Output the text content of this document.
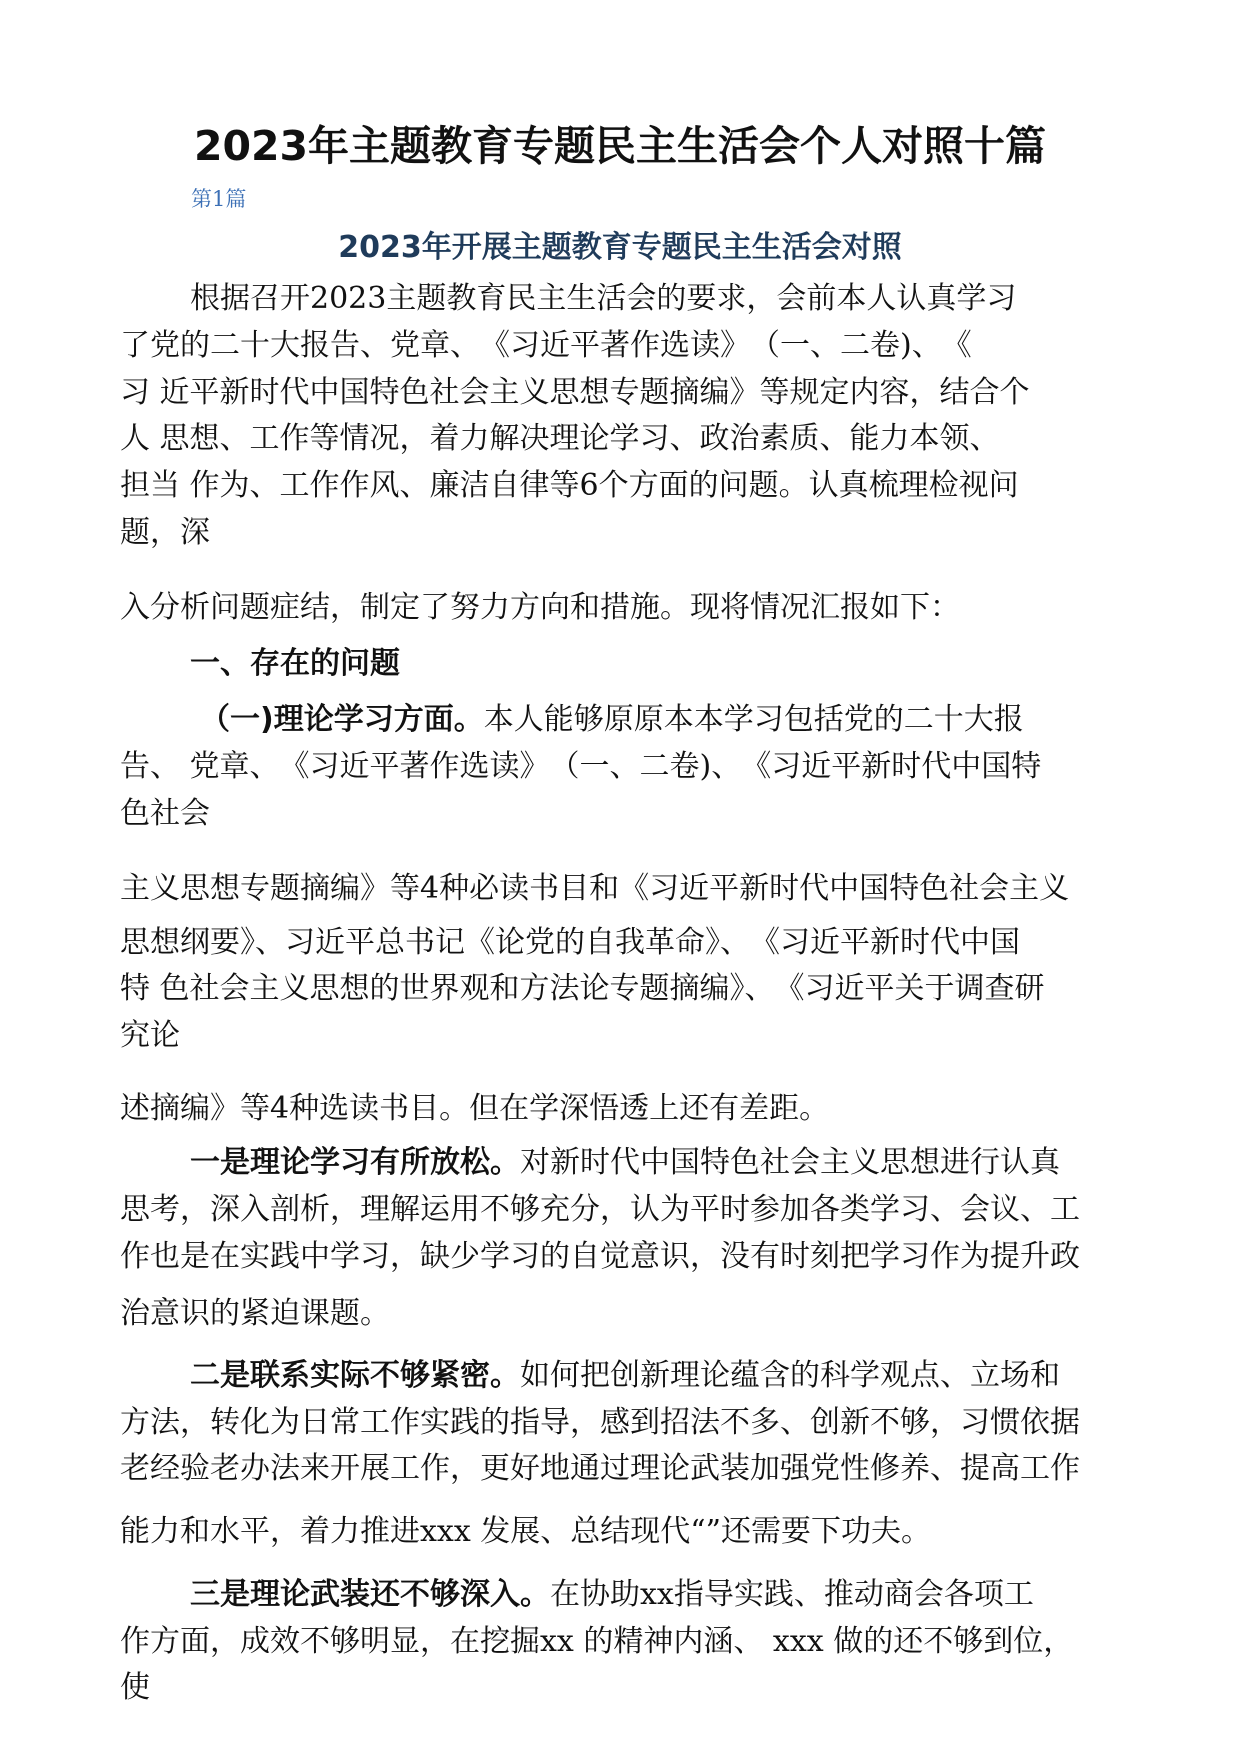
2023年主题教育专题民主生活会个人对照十篇
第1篇
2023年开展主题教育专题民主生活会对照
根据召开2023主题教育民主生活会的要求，会前本人认真学习
了党的二十大报告、党章、　《习近平著作选读》　（一、二卷)、　《
习 近平新时代中国特色社会主义思想专题摘编》等规定内容，结合个
人 思想、工作等情况，着力解决理论学习、政治素质、能力本领、
担当 作为、工作作风、廉洁自律等6个方面的问题。认真梳理检视问
题，深
入分析问题症结，制定了努力方向和措施。现将情况汇报如下：
一、存在的问题
（一)理论学习方面。本人能够原原本本学习包括党的二十大报
告、 党章、　《习近平著作选读》　（一、二卷)、　《习近平新时代中国特
色社会
主义思想专题摘编》等4种必读书目和《习近平新时代中国特色社会主义
思想纲要》、习近平总书记《论党的自我革命》、　《习近平新时代中国
特 色社会主义思想的世界观和方法论专题摘编》、　《习近平关于调查研
究论
述摘编》等4种选读书目。但在学深悟透上还有差距。
一是理论学习有所放松。对新时代中国特色社会主义思想进行认真
思考，深入剖析，理解运用不够充分，认为平时参加各类学习、会议、工
作也是在实践中学习，缺少学习的自觉意识，没有时刻把学习作为提升政
治意识的紧迫课题。
二是联系实际不够紧密。如何把创新理论蕴含的科学观点、立场和
方法，转化为日常工作实践的指导，感到招法不多、创新不够，习惯依据
老经验老办法来开展工作，更好地通过理论武装加强党性修养、提高工作
能力和水平，着力推进xxx 发展、总结现代“”还需要下功夫。
三是理论武装还不够深入。在协助xx指导实践、推动商会各项工
作方面，成效不够明显，在挖掘xx 的精神内涵、 xxx 做的还不够到位，
使
